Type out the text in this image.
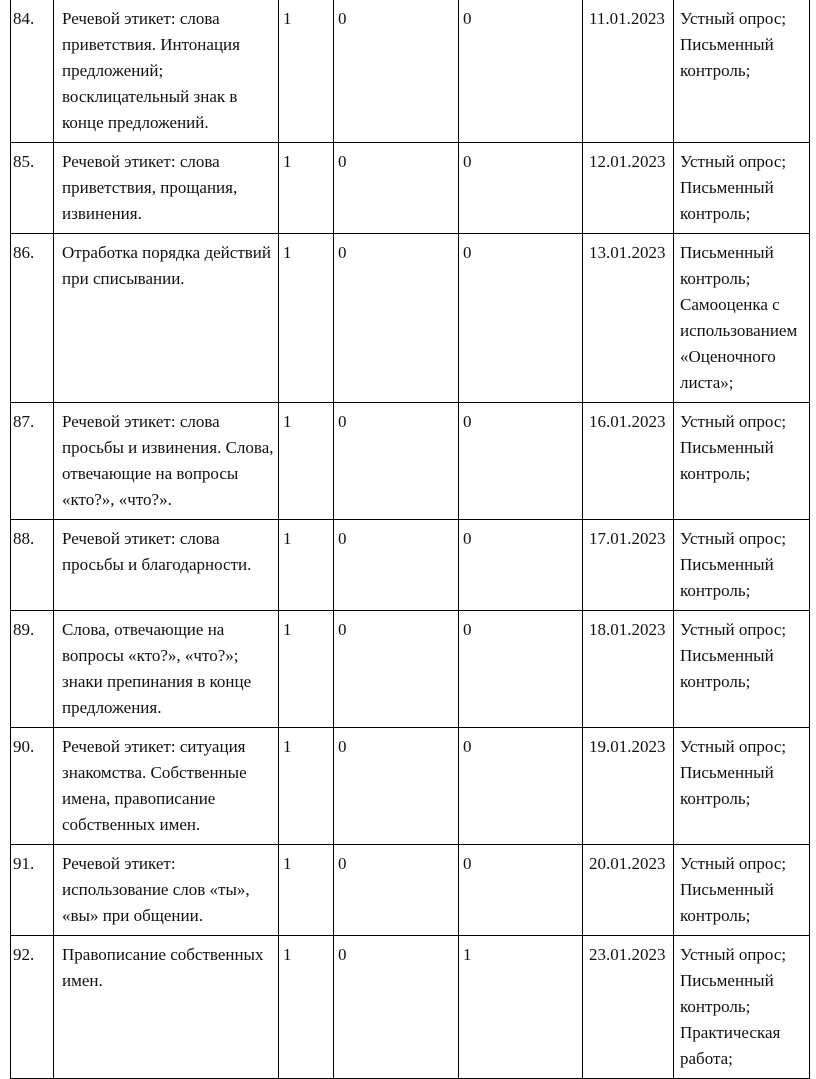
84.	Речевой этикет: слова приветствия. Интонация предложений; восклицательный знак в конце предложений.	1	0	0	11.01.2023	Устный опрос; Письменный контроль;
85.	Речевой этикет: слова приветствия, прощания, извинения.	1	0	0	12.01.2023	Устный опрос; Письменный контроль;
86.	Отработка порядка действий при списывании.	1	0	0	13.01.2023	Письменный контроль; Самооценка с использованием «Оценочного листа»;
87.	Речевой этикет: слова просьбы и извинения. Слова, отвечающие на вопросы «кто?», «что?».	1	0	0	16.01.2023	Устный опрос; Письменный контроль;
88.	Речевой этикет: слова просьбы и благодарности.	1	0	0	17.01.2023	Устный опрос; Письменный контроль;
89.	Слова, отвечающие на вопросы «кто?», «что?»; знаки препинания в конце предложения.	1	0	0	18.01.2023	Устный опрос; Письменный контроль;
90.	Речевой этикет: ситуация знакомства. Собственные имена, правописание собственных имен.	1	0	0	19.01.2023	Устный опрос; Письменный контроль;
91.	Речевой этикет: использование слов «ты», «вы» при общении.	1	0	0	20.01.2023	Устный опрос; Письменный контроль;
92.	Правописание собственных имен.	1	0	1	23.01.2023	Устный опрос; Письменный контроль; Практическая работа;
